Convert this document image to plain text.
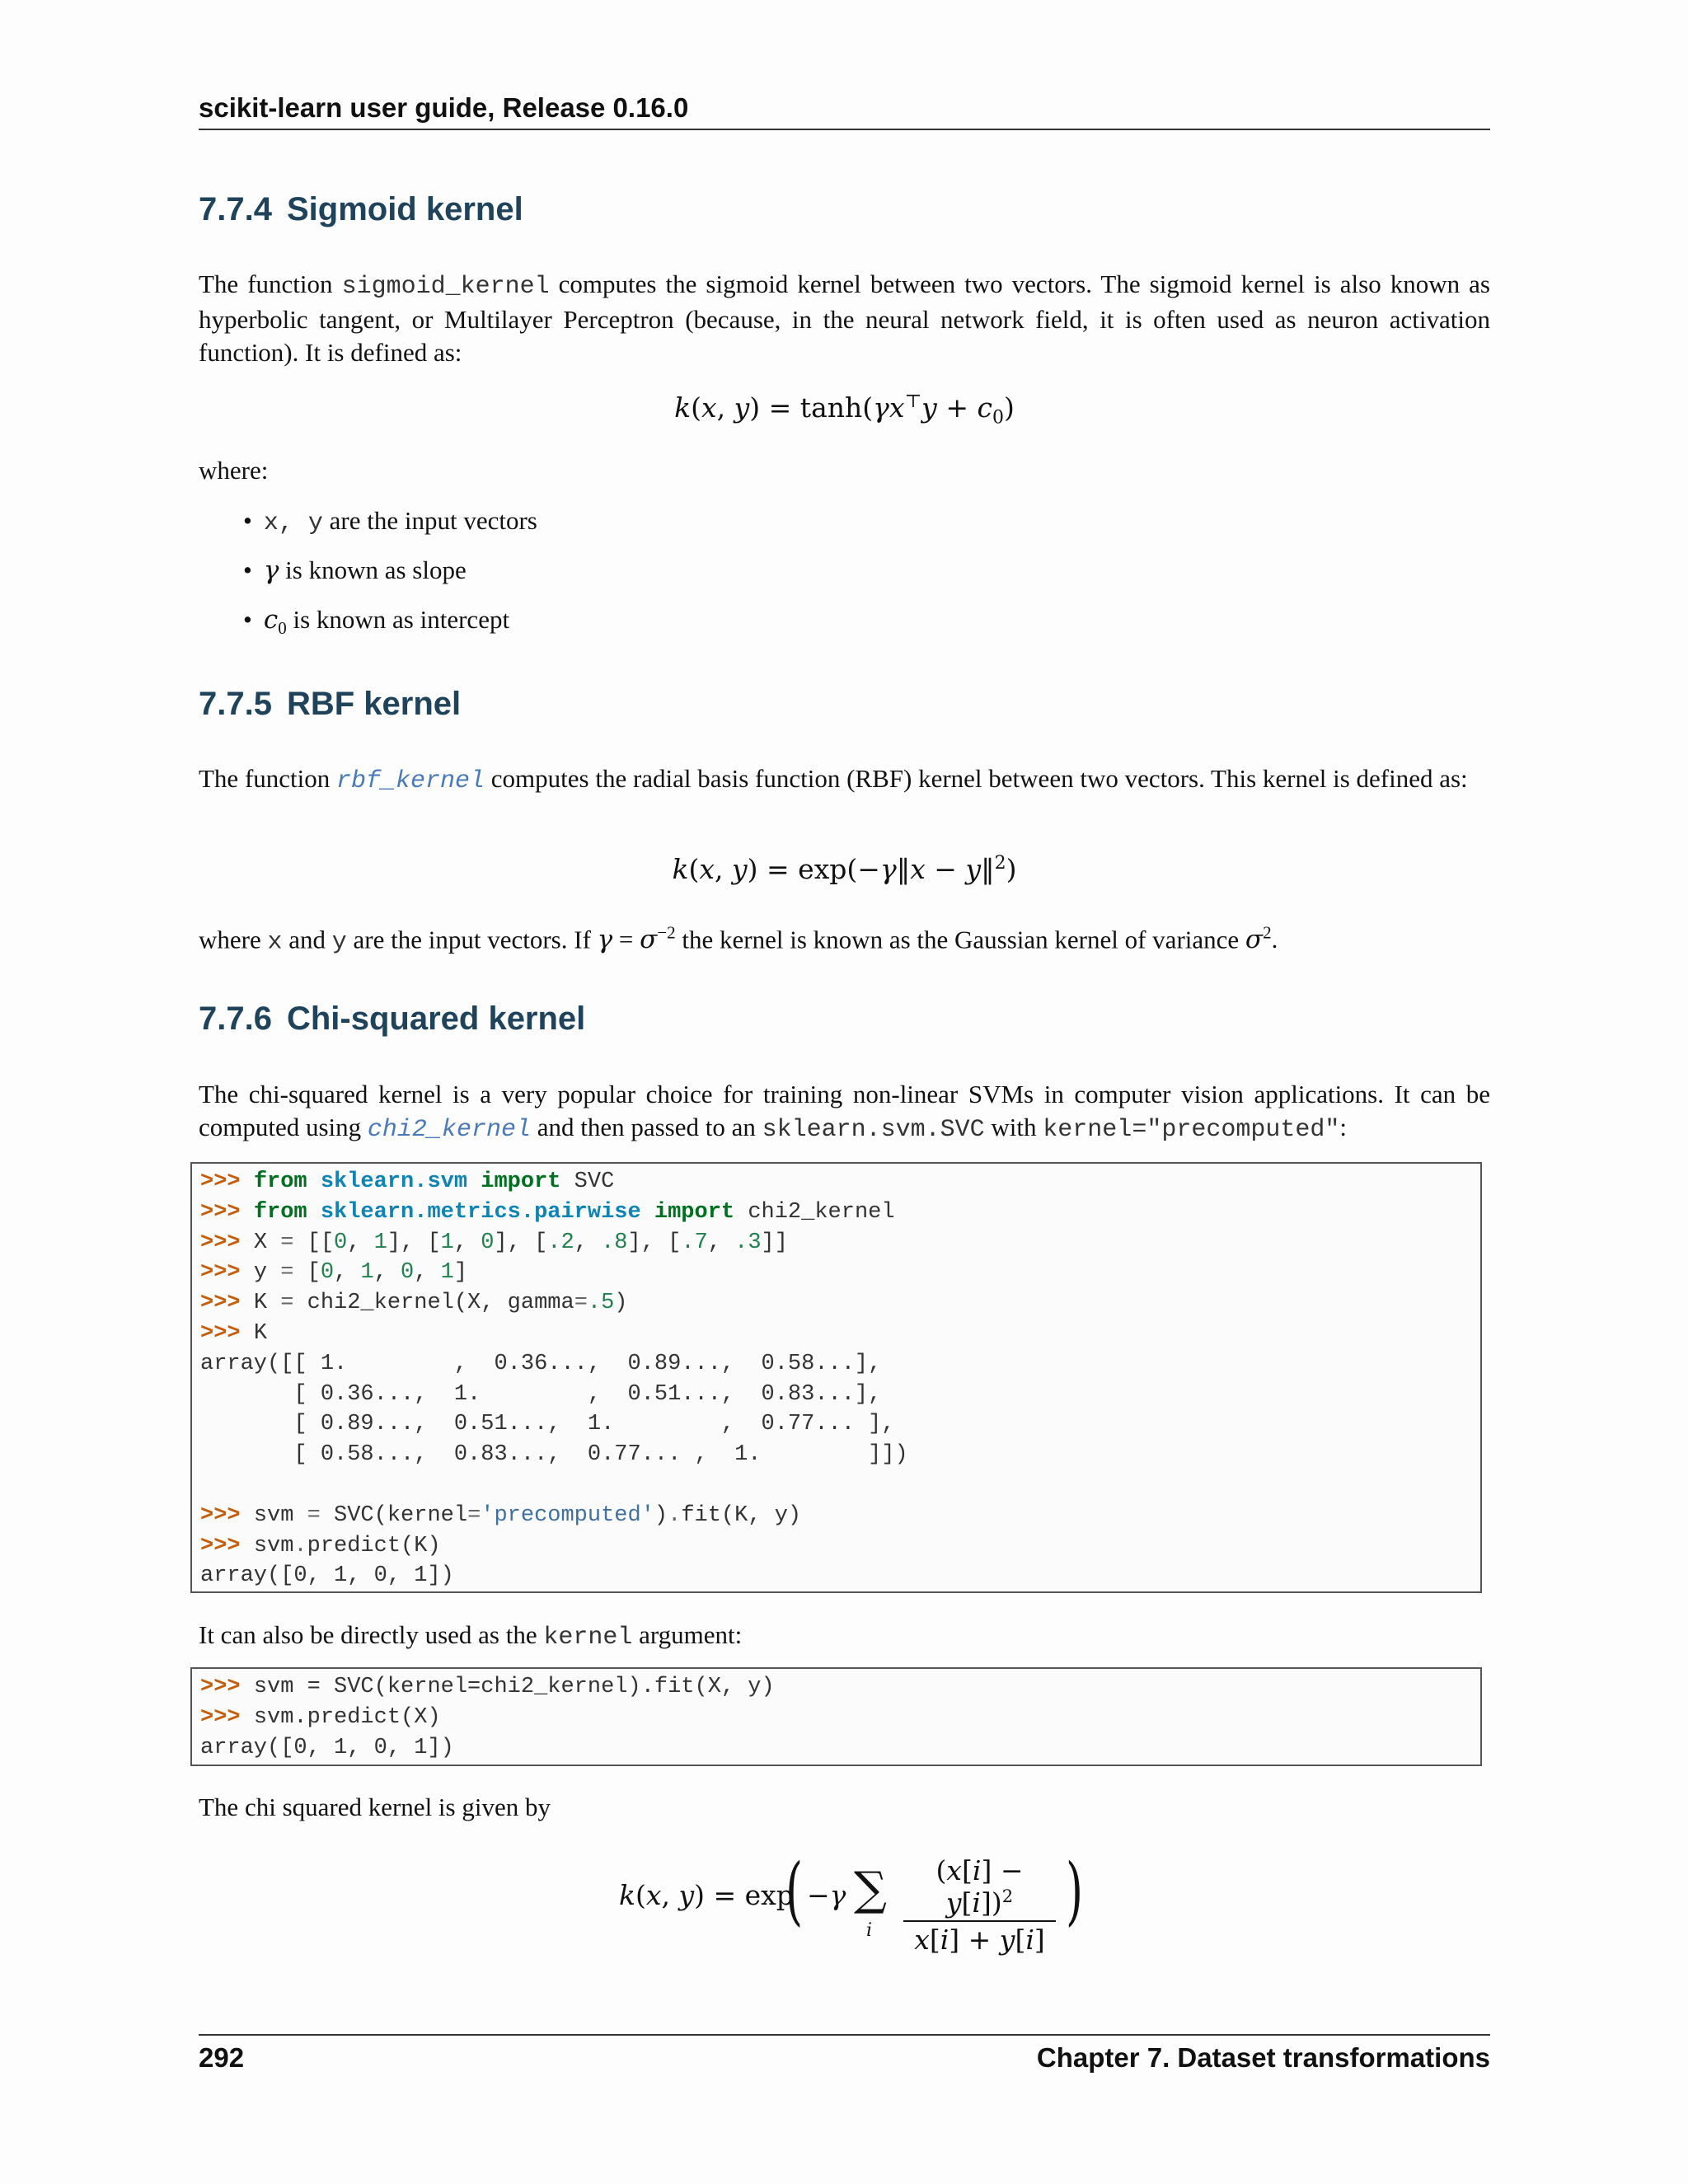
scikit-learn user guide, Release 0.16.0
7.7.4 Sigmoid kernel

The function sigmoid_kernel computes the sigmoid kernel between two vectors. The sigmoid kernel is also known as hyperbolic tangent, or Multilayer Perceptron (because, in the neural network field, it is often used as neuron activation function). It is defined as:

k(x, $y) = \tanh(\gamma x^⊤y + c_0)$

where:

• x, y are the input vectors
• γ is known as slope
• $c_0$ is known as intercept
7.7.5 RBF kernel

The function rbf_kernel computes the radial basis function (RBF) kernel between two vectors. This kernel is defined as:

k(x, y) = exp(−γ‖x − y‖$^2$)

where x and y are the input vectors. If $\gamma = \sigma^{-2}$ the kernel is known as the Gaussian kernel of variance $\sigma^2$.

7.7.6 Chi-squared kernel

The chi-squared kernel is a very popular choice for training non-linear SVMs in computer vision applications. It can be computed using chi2_kernel and then passed to an sklearn.svm.SVC with kernel="precomputed":

>>> from sklearn.svm import SVC
>>> from sklearn.metrics.pairwise import chi2_kernel
>>> X = [[0, 1], [1, 0], [.2, .8], [.7, .3]]
>>> y = [0, 1, 0, 1]
>>> K = chi2_kernel(X, gamma=.5)
>>> K
array([[ 1.        ,  0.36...,  0.89...,  0.58...],
[ 0.36...,  1.        ,  0.51...,  0.83...],
[ 0.89...,  0.51...,  1.        ,  0.77... ],
[ 0.58...,  0.83...,  0.77... ,  1.        ]])
>>> svm = SVC(kernel='precomputed').fit(K, y)
>>> svm.predict(K)
array([0, 1, 0, 1])

It can also be directly used as the kernel argument:

>>> svm = SVC(kernel=chi2_kernel).fit(X, y)
>>> svm.predict(X)
array([0, 1, 0, 1])

The chi squared kernel is given by

k(x, y) = exp
( −γ ∑
i
$(x[i] - y[i])^2$
x[i] + y[i]
)
292	Chapter 7. Dataset transformations
